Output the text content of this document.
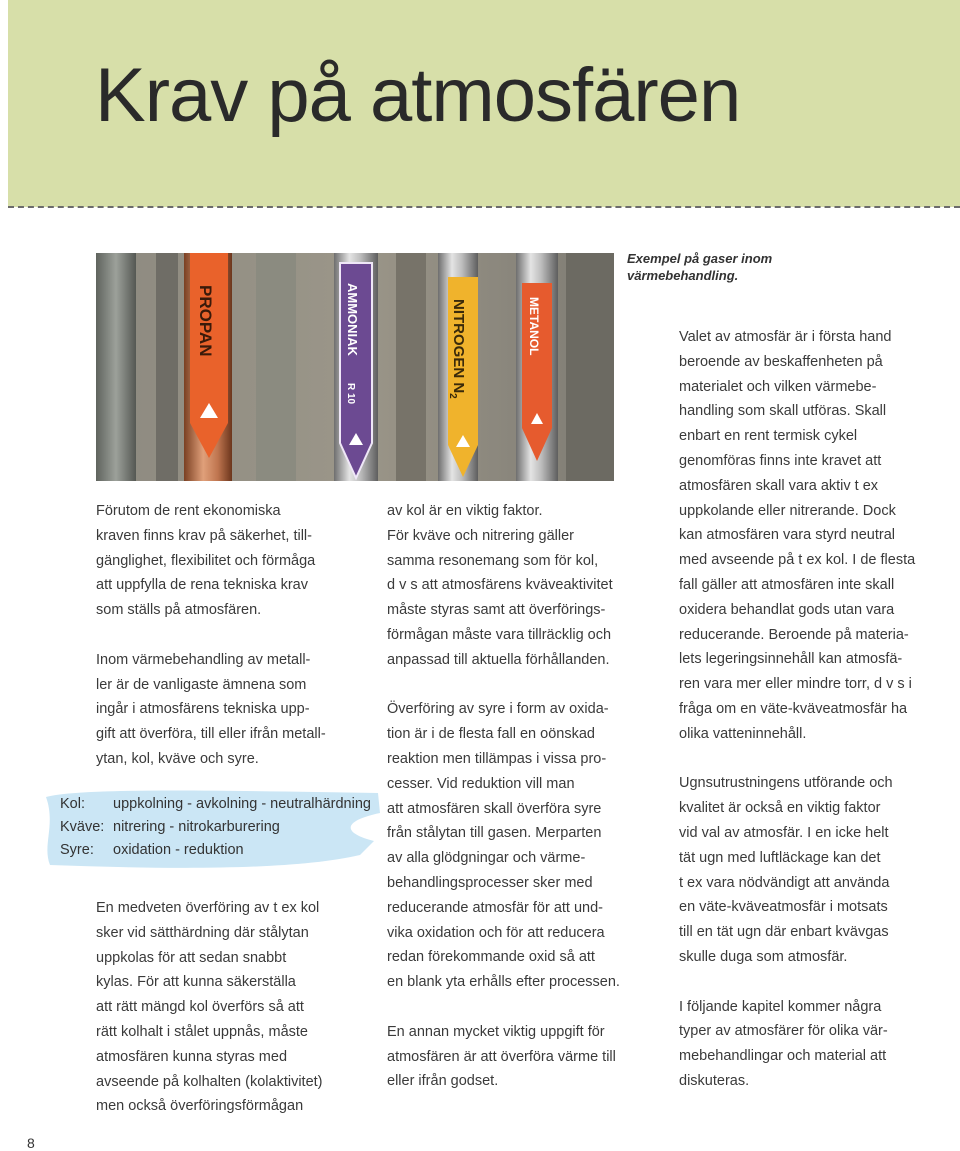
Krav på atmosfären
PROPAN	AMMONIAK
R 10
NITROGEN $N_2$
METANOL
Exempel på gaser inom
värmebehandling.

Förutom de rent ekonomiska

kraven finns krav på säkerhet, till-

gänglighet, flexibilitet och förmåga

att uppfylla de rena tekniska krav

som ställs på atmosfären.

Inom värmebehandling av metall-

ler är de vanligaste ämnena som

ingår i atmosfärens tekniska upp-

gift att överföra, till eller ifrån metall-

ytan, kol, kväve och syre.

Kol: uppkolning - avkolning - neutralhärdning
Kväve: nitrering - nitrokarburering
Syre: oxidation - reduktion

En medveten överföring av t ex kol

sker vid sätthärdning där stålytan

uppkolas för att sedan snabbt

kylas. För att kunna säkerställa

att rätt mängd kol överförs så att

rätt kolhalt i stålet uppnås, måste

atmosfären kunna styras med

avseende på kolhalten (kolaktivitet)

men också överföringsförmågan

av kol är en viktig faktor.

För kväve och nitrering gäller

samma resonemang som för kol,

d v s att atmosfärens kväveaktivitet

måste styras samt att överförings-

förmågan måste vara tillräcklig och

anpassad till aktuella förhållanden.

Överföring av syre i form av oxida-

tion är i de flesta fall en oönskad

reaktion men tillämpas i vissa pro-

cesser. Vid reduktion vill man

att atmosfären skall överföra syre

från stålytan till gasen. Merparten

av alla glödgningar och värme-

behandlingsprocesser sker med

reducerande atmosfär för att und-

vika oxidation och för att reducera

redan förekommande oxid så att

en blank yta erhålls efter processen.

En annan mycket viktig uppgift för

atmosfären är att överföra värme till

eller ifrån godset.

Valet av atmosfär är i första hand

beroende av beskaffenheten på

materialet och vilken värmebe-

handling som skall utföras. Skall

enbart en rent termisk cykel

genomföras finns inte kravet att

atmosfären skall vara aktiv t ex

uppkolande eller nitrerande. Dock

kan atmosfären vara styrd neutral

med avseende på t ex kol. I de flesta

fall gäller att atmosfären inte skall

oxidera behandlat gods utan vara

reducerande. Beroende på materia-

lets legeringsinnehåll kan atmosfä-

ren vara mer eller mindre torr, d v s i

fråga om en väte-kväveatmosfär ha

olika vatteninnehåll.

Ugnsutrustningens utförande och

kvalitet är också en viktig faktor

vid val av atmosfär. I en icke helt

tät ugn med luftläckage kan det

t ex vara nödvändigt att använda

en väte-kväveatmosfär i motsats

till en tät ugn där enbart kvävgas

skulle duga som atmosfär.

I följande kapitel kommer några

typer av atmosfärer för olika vär-

mebehandlingar och material att

diskuteras.

8
